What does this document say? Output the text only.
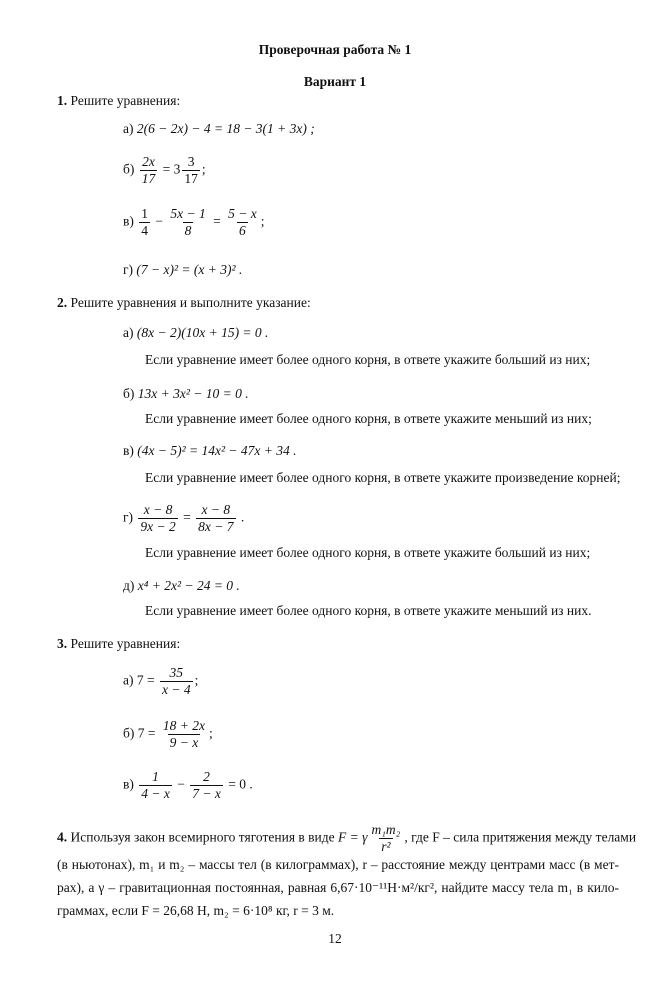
Проверочная работа № 1
Вариант 1
1. Решите уравнения:
а) 2(6 − 2x) − 4 = 18 − 3(1 + 3x) ;
$б) \frac{2x}{17} = 3 \frac{3}{17}$ ;
$в) \frac{1}{4} - \frac{5x - 1}{8} = \frac{5 - x}{6}$ ;
г) (7 − x)² = (x + 3)² .
2. Решите уравнения и выполните указание:
а) (8x − 2)(10x + 15) = 0 .
Если уравнение имеет более одного корня, в ответе укажите больший из них;
б) 13x + 3x² − 10 = 0 .
Если уравнение имеет более одного корня, в ответе укажите меньший из них;
в) (4x − 5)² = 14x² − 47x + 34 .
Если уравнение имеет более одного корня, в ответе укажите произведение корней;
$г) \frac{x - 8}{9x - 2} = \frac{x - 8}{8x - 7}$ .
Если уравнение имеет более одного корня, в ответе укажите больший из них;
д) x⁴ + 2x² − 24 = 0 .
Если уравнение имеет более одного корня, в ответе укажите меньший из них.
3. Решите уравнения:
а) $7 = \frac{35}{x - 4}$ ;
б) $7 = \frac{18 + 2x}{9 - x}$ ;
$в) \frac{1}{4 - x} - \frac{2}{7 - x} = 0$ .
4. Используя закон всемирного тяготения в виде F = γ $\frac{\text{m₁m₂}}{\text{r²}}$ , где F – сила притяжения между телами
(в ньютонах), m₁ и m₂ – массы тел (в килограммах), r – расстояние между центрами масс (в мет-
рах), а γ – гравитационная постоянная, равная 6,67·10⁻¹¹Н·м²/кг², найдите массу тела m₁ в кило-
граммах, если F = 26,68 Н, m₂ = 6·10⁸ кг, r = 3 м.
12
